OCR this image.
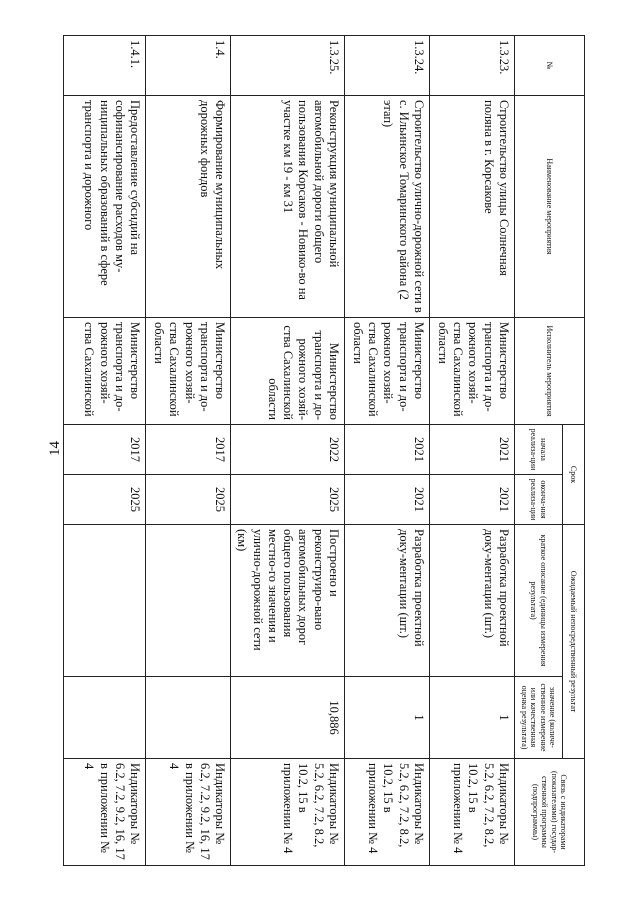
14
№	Наименование мероприятия	Исполнитель мероприятия	Срок		Ожидаемый непосредственный результат		Связь с индикаторами (показателями) государ-ственной программы (подпрограммы)
			начала реализа-ции	оконча-ния реализа-ции	краткое описание (единицы измерения результата)	значение (количе-ственное измерение или качественная оценка результата)	
1.3.23.	Строительство улицы Солнечная поляна в г. Корсакове	Министерство транспорта и до-рожного хозяй-ства Сахалинской области	2021	2021	Разработка проектной доку-ментации (шт.)	1	Индикаторы № 5.2, 6.2, 7.2, 8.2, 10.2, 15 в приложении № 4
1.3.24.	Строительство улично-дорожной сети в с. Ильинское Томаринского района (2 этап)	Министерство транспорта и до-рожного хозяй-ства Сахалинской области	2021	2021	Разработка проектной доку-ментации (шт.)	1	Индикаторы № 5.2, 6.2, 7.2, 8.2, 10.2, 15 в приложении № 4
1.3.25.	Реконструкция муниципальной автомобильной дороги общего пользования Корсаков - Новико-во на участке км 19 - км 31	Министерство транспорта и до-рожного хозяй-ства Сахалинской области	2022	2025	Построено и реконструиро-вано автомобильных дорог общего пользования местно-го значения и улично-дорожной сети (км)	10,886	Индикаторы № 5.2, 6.2, 7.2, 8.2, 10.2, 15 в приложении № 4
1.4.	Формирование муниципальных дорожных фондов	Министерство транспорта и до-рожного хозяй-ства Сахалинской области	2017	2025			Индикаторы № 6.2, 7.2, 9.2, 16, 17 в приложении № 4
1.4.1.	Предоставление субсидий на софинансирование расходов му-ниципальных образований в сфере транспорта и дорожного	Министерство транспорта и до-рожного хозяй-ства Сахалинской	2017	2025			Индикаторы № 6.2, 7.2, 9.2, 16, 17 в приложении № 4
